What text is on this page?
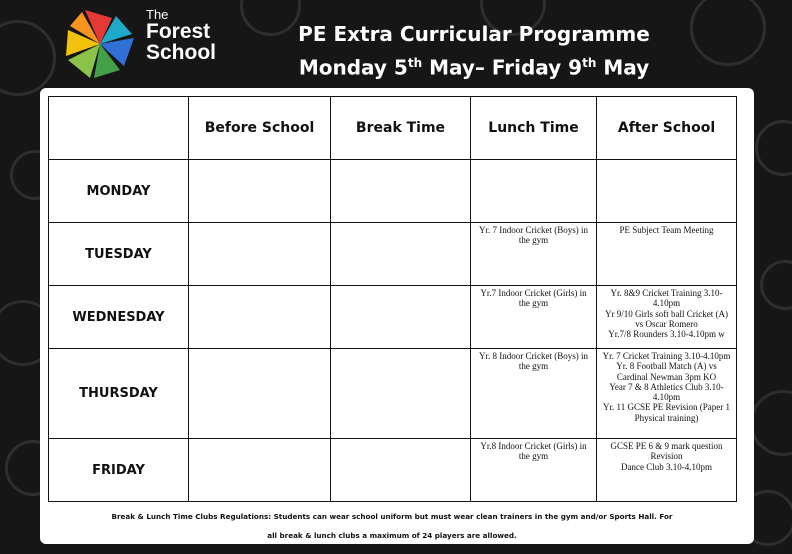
The
Forest
School
PE Extra Curricular Programme
Monday 5th May– Friday 9th May
	Before School	Break Time	Lunch Time	After School
MONDAY				
TUESDAY			Yr. 7 Indoor Cricket (Boys) in the gym	PE Subject Team Meeting

WEDNESDAY			Yr.7 Indoor Cricket (Girls) in the gym	Yr. 8&9 Cricket Training 3.10-4.10pm
Yr 9/10 Girls soft ball Cricket (A) vs Oscar Romero
Yr.7/8 Rounders 3.10-4.10pm w

THURSDAY			Yr. 8 Indoor Cricket (Boys) in the gym	Yr. 7 Cricket Training 3.10-4.10pm
Yr. 8 Football Match (A) vs Cardinal Newman 3pm KO
Year 7 & 8 Athletics Club 3.10-4.10pm
Yr. 11 GCSE PE Revision (Paper 1 Physical training)

FRIDAY			Yr.8 Indoor Cricket (Girls) in the gym	GCSE PE 6 & 9 mark question Revision
Dance Club 3.10-4.10pm
Break & Lunch Time Clubs Regulations: Students can wear school uniform but must wear clean trainers in the gym and/or Sports Hall. For
all break & lunch clubs a maximum of 24 players are allowed.
